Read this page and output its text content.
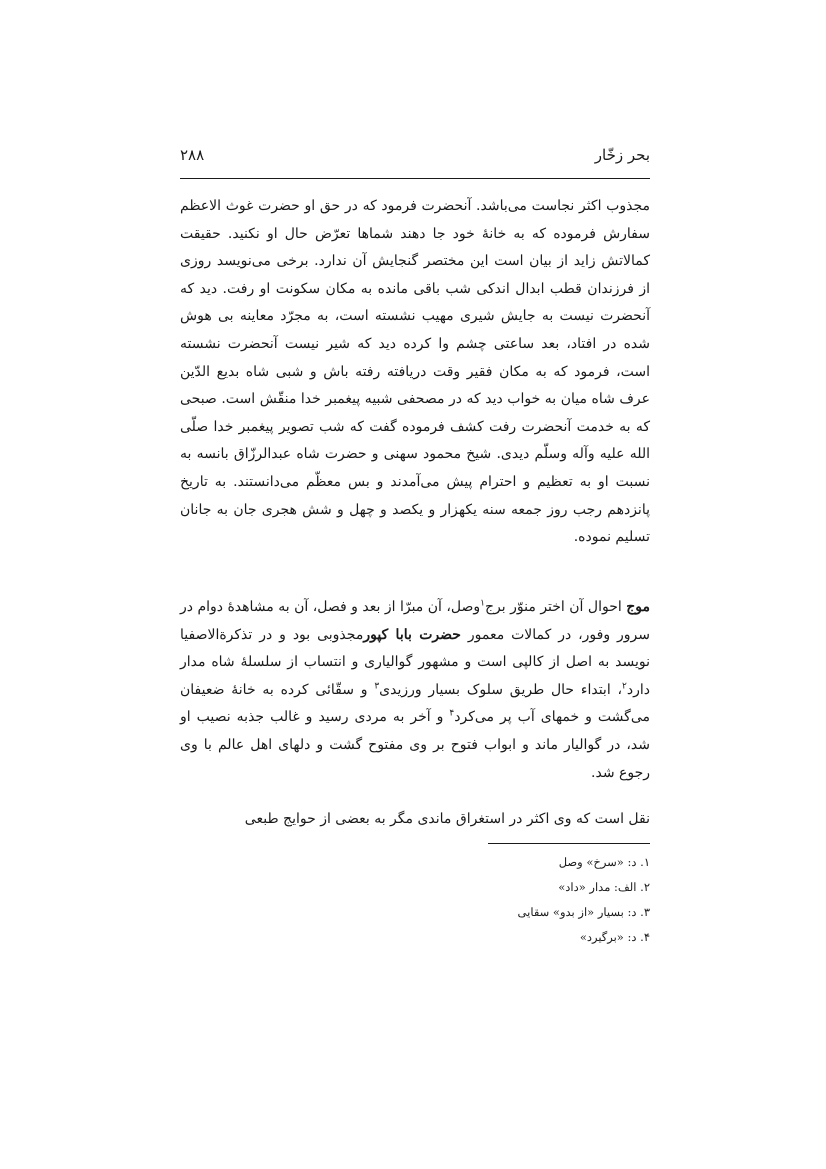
بحر زخّار
۲۸۸

مجذوب اکثر نجاست می‌باشد. آنحضرت فرمود که در حق او حضرت غوث الاعظم سفارش فرموده که به خانهٔ خود جا دهند شماها تعرّض حال او نکنید. حقیقت کمالاتش زاید از بیان است این مختصر گنجایش آن ندارد. برخی می‌نویسد روزی از فرزندان قطب ابدال اندکی شب باقی مانده به مکان سکونت او رفت. دید که آنحضرت نیست به جایش شیری مهیب نشسته است، به مجرّد معاینه بی هوش شده در افتاد، بعد ساعتی چشم وا کرده دید که شیر نیست آنحضرت نشسته است، فرمود که به مکان فقیر وقت دریافته رفته باش و شبی شاه بدیع الدّین عرف شاه میان به خواب دید که در مصحفی شبیه پیغمبر خدا منقّش است. صبحی که به خدمت آنحضرت رفت کشف فرموده گفت که شب تصویر پیغمبر خدا صلّی الله علیه وآله وسلّم دیدی. شیخ محمود سهنی و حضرت شاه عبدالرزّاق بانسه به نسبت او به تعظیم و احترام پیش می‌آمدند و بس معظّم می‌دانستند. به تاریخ پانزدهم رجب روز جمعه سنه یکهزار و یکصد و چهل و شش هجری جان به جانان تسلیم نموده.

موج احوال آن اختر منوّر برج$^۱$وصل، آن مبرّا از بعد و فصل، آن به مشاهدهٔ دوام در سرور وفور، در کمالات معمور حضرت بابا کپورمجذوبی بود و در تذکرةالاصفیا نویسد به اصل از کالپی است و مشهور گوالیاری و انتساب از سلسلهٔ شاه مدار دارد$^۲$، ابتداء حال طریق سلوک بسیار ورزیدی$^۳$ و سقّائی کرده به خانهٔ ضعیفان می‌گشت و خمهای آب پر می‌کرد$^۴$ و آخر به مردی رسید و غالب جذبه نصیب او شد، در گوالیار ماند و ابواب فتوح بر وی مفتوح گشت و دلهای اهل عالم با وی رجوع شد.

نقل است که وی اکثر در استغراق ماندی مگر به بعضی از حوایج طبعی

۱. د: «سرخ» وصل
۲. الف: مدار «داد»
۳. د: بسیار «از بدو» سقایی
۴. د: «برگیرد»
